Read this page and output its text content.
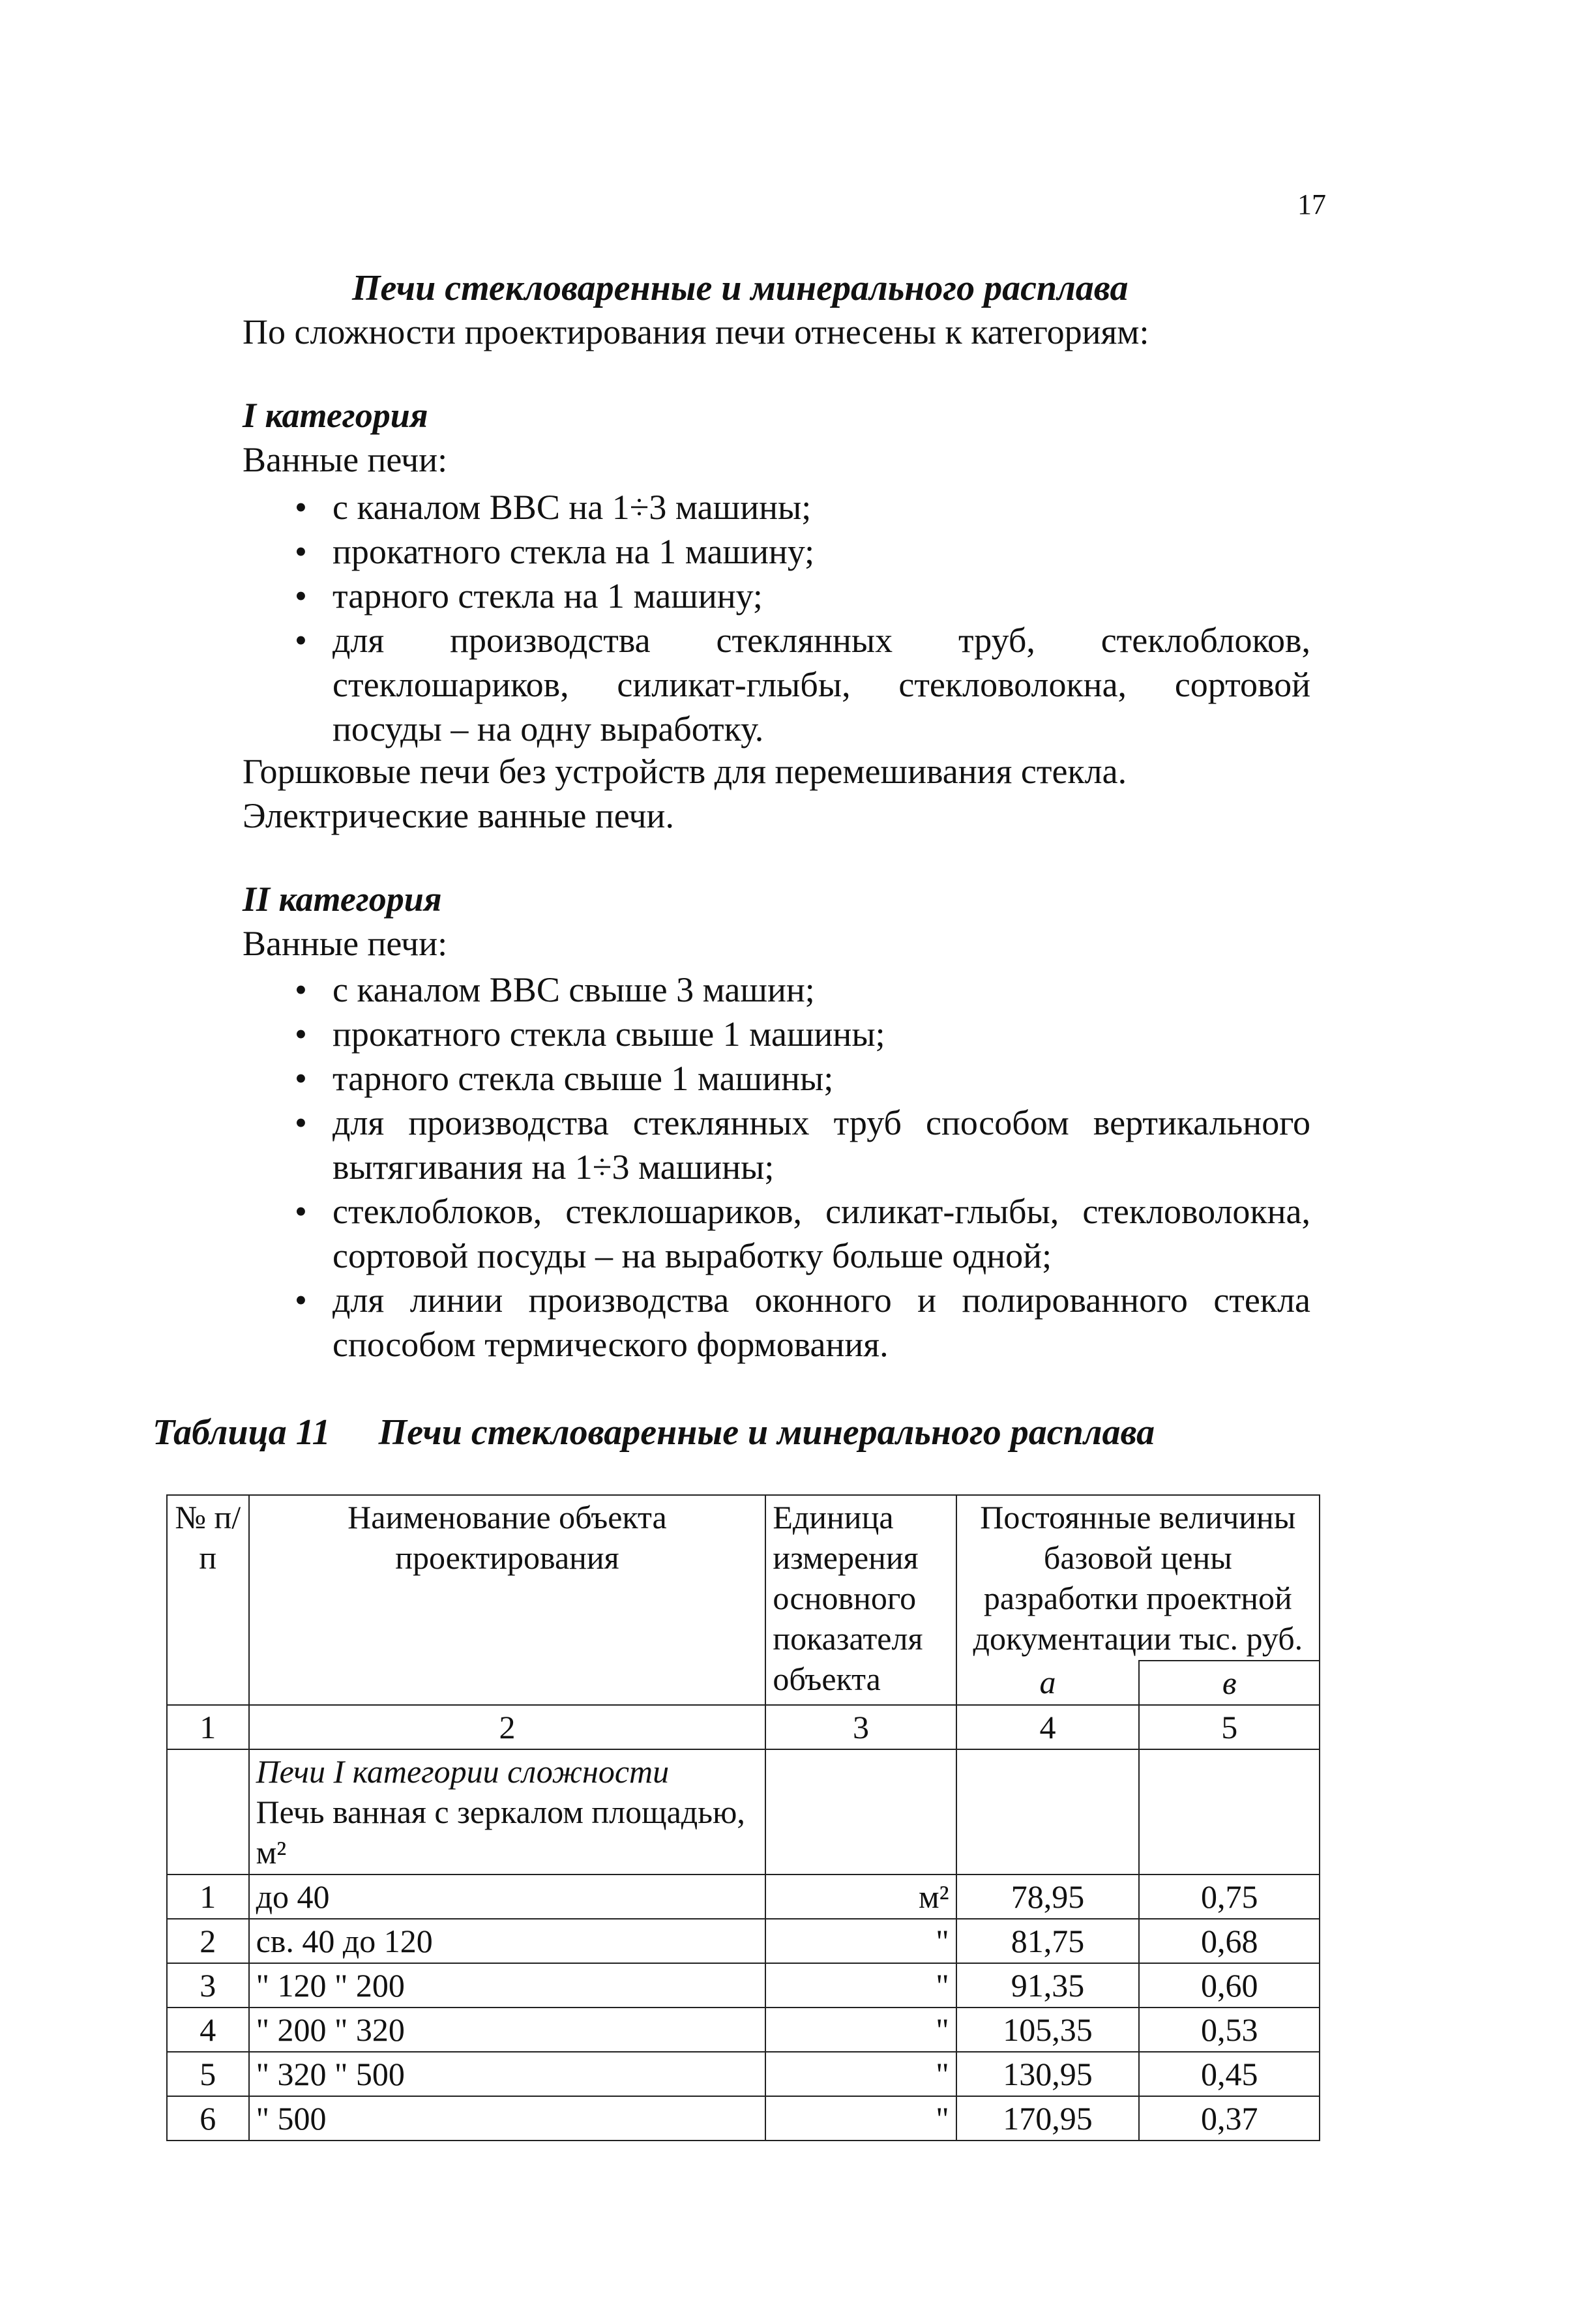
17
Печи стекловаренные и минерального расплава
По сложности проектирования печи отнесены к категориям:
I категория
Ванные печи:
• с каналом ВВС на 1÷3 машины;
• прокатного стекла на 1 машину;
• тарного стекла на 1 машину;
• для производства стеклянных труб, стеклоблоков, стеклошариков, силикат-глыбы, стекловолокна, сортовой посуды – на одну выработку.
Горшковые печи без устройств для перемешивания стекла.
Электрические ванные печи.
II категория
Ванные печи:
• с каналом ВВС свыше 3 машин;
• прокатного стекла свыше 1 машины;
• тарного стекла свыше 1 машины;
• для производства стеклянных труб способом вертикального вытягивания на 1÷3 машины;
• стеклоблоков, стеклошариков, силикат-глыбы, стекловолокна, сортовой посуды – на выработку больше одной;
• для линии производства оконного и полированного стекла способом термического формования.
Таблица 11 Печи стекловаренные и минерального расплава
№ п/п	Наименование объекта проектирования	Единица измерения основного показателя объекта	Постоянные величины базовой цены разработки проектной документации тыс. руб.	
			а	в
1	2	3	4	5

	Печи I категории сложности
Печь ванная с зеркалом площадью, м²			

1	до 40	м²	78,95	0,75
2	св. 40 до 120	"	81,75	0,68
3	" 120 " 200	"	91,35	0,60
4	" 200 " 320	"	105,35	0,53
5	" 320 " 500	"	130,95	0,45
6	" 500	"	170,95	0,37
